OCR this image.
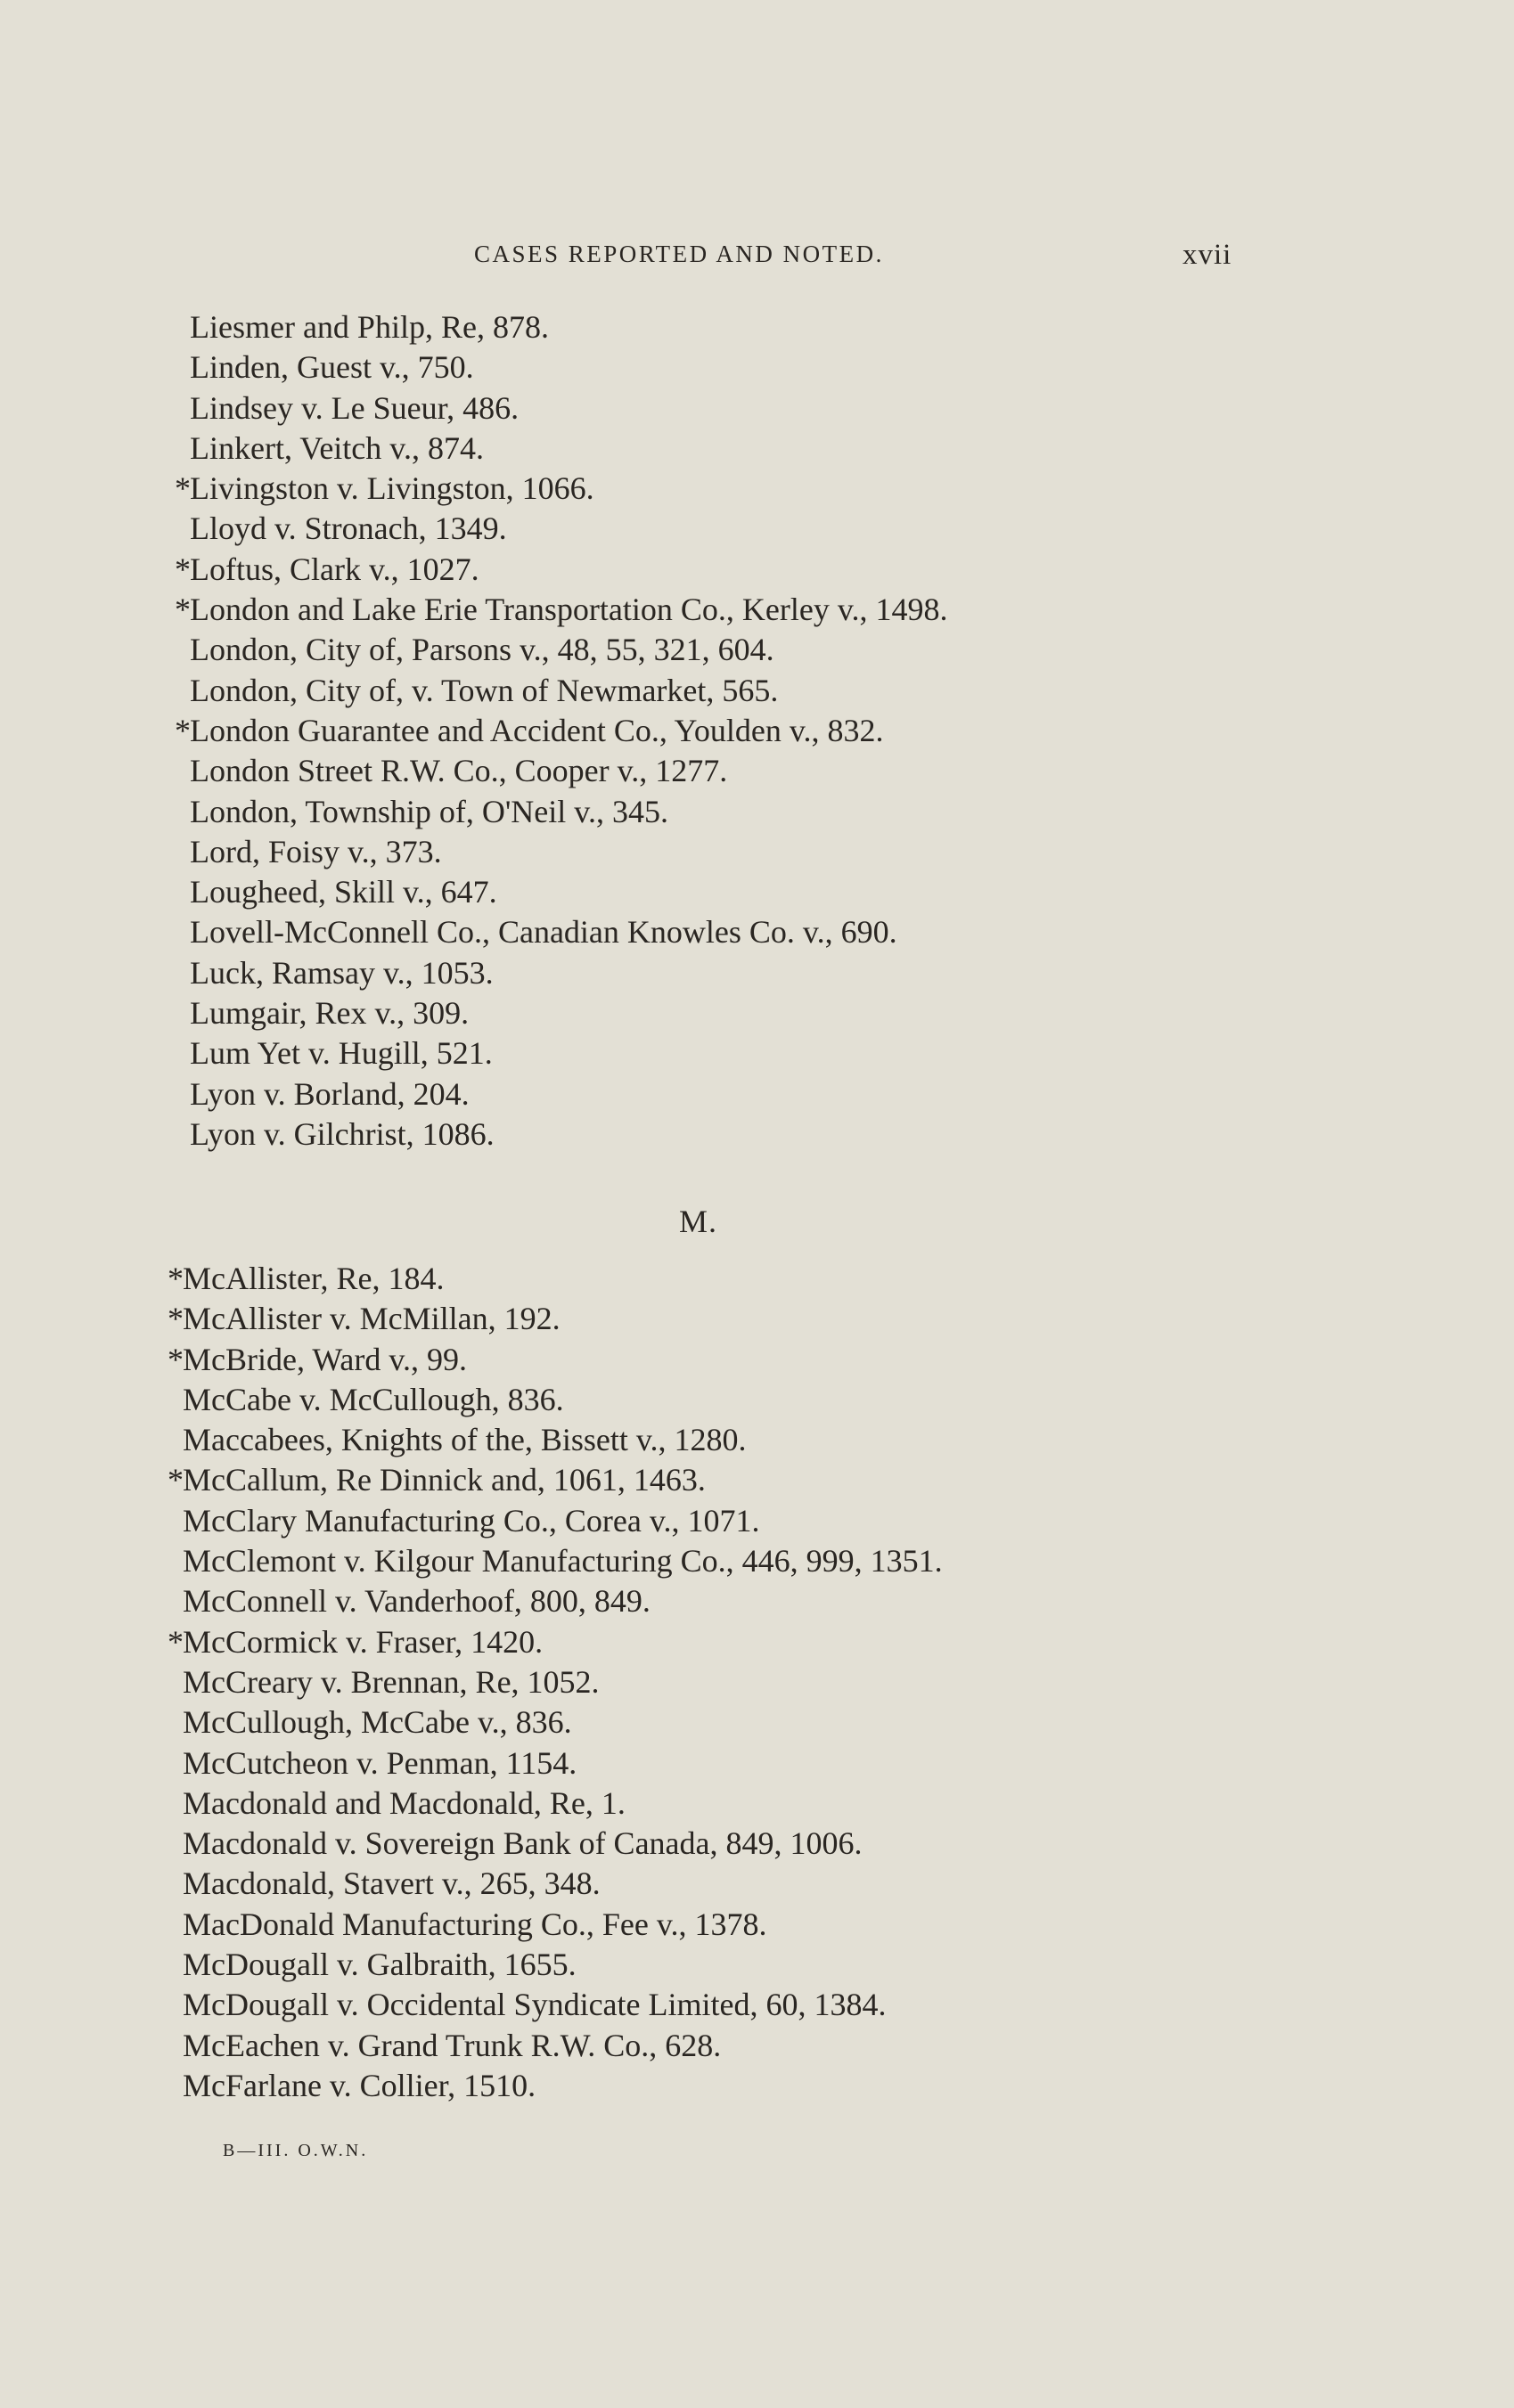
CASES REPORTED AND NOTED.	xvii
Liesmer and Philp, Re, 878.
Linden, Guest v., 750.
Lindsey v. Le Sueur, 486.
Linkert, Veitch v., 874.
* Livingston v. Livingston, 1066.
Lloyd v. Stronach, 1349.
* Loftus, Clark v., 1027.
* London and Lake Erie Transportation Co., Kerley v., 1498.
London, City of, Parsons v., 48, 55, 321, 604.
London, City of, v. Town of Newmarket, 565.
* London Guarantee and Accident Co., Youlden v., 832.
London Street R.W. Co., Cooper v., 1277.
London, Township of, O'Neil v., 345.
Lord, Foisy v., 373.
Lougheed, Skill v., 647.
Lovell-McConnell Co., Canadian Knowles Co. v., 690.
Luck, Ramsay v., 1053.
Lumgair, Rex v., 309.
Lum Yet v. Hugill, 521.
Lyon v. Borland, 204.
Lyon v. Gilchrist, 1086.
M.
* McAllister, Re, 184.
* McAllister v. McMillan, 192.
* McBride, Ward v., 99.
McCabe v. McCullough, 836.
Maccabees, Knights of the, Bissett v., 1280.
* McCallum, Re Dinnick and, 1061, 1463.
McClary Manufacturing Co., Corea v., 1071.
McClemont v. Kilgour Manufacturing Co., 446, 999, 1351.
McConnell v. Vanderhoof, 800, 849.
* McCormick v. Fraser, 1420.
McCreary v. Brennan, Re, 1052.
McCullough, McCabe v., 836.
McCutcheon v. Penman, 1154.
Macdonald and Macdonald, Re, 1.
Macdonald v. Sovereign Bank of Canada, 849, 1006.
Macdonald, Stavert v., 265, 348.
MacDonald Manufacturing Co., Fee v., 1378.
McDougall v. Galbraith, 1655.
McDougall v. Occidental Syndicate Limited, 60, 1384.
McEachen v. Grand Trunk R.W. Co., 628.
McFarlane v. Collier, 1510.
B—III. O.W.N.
